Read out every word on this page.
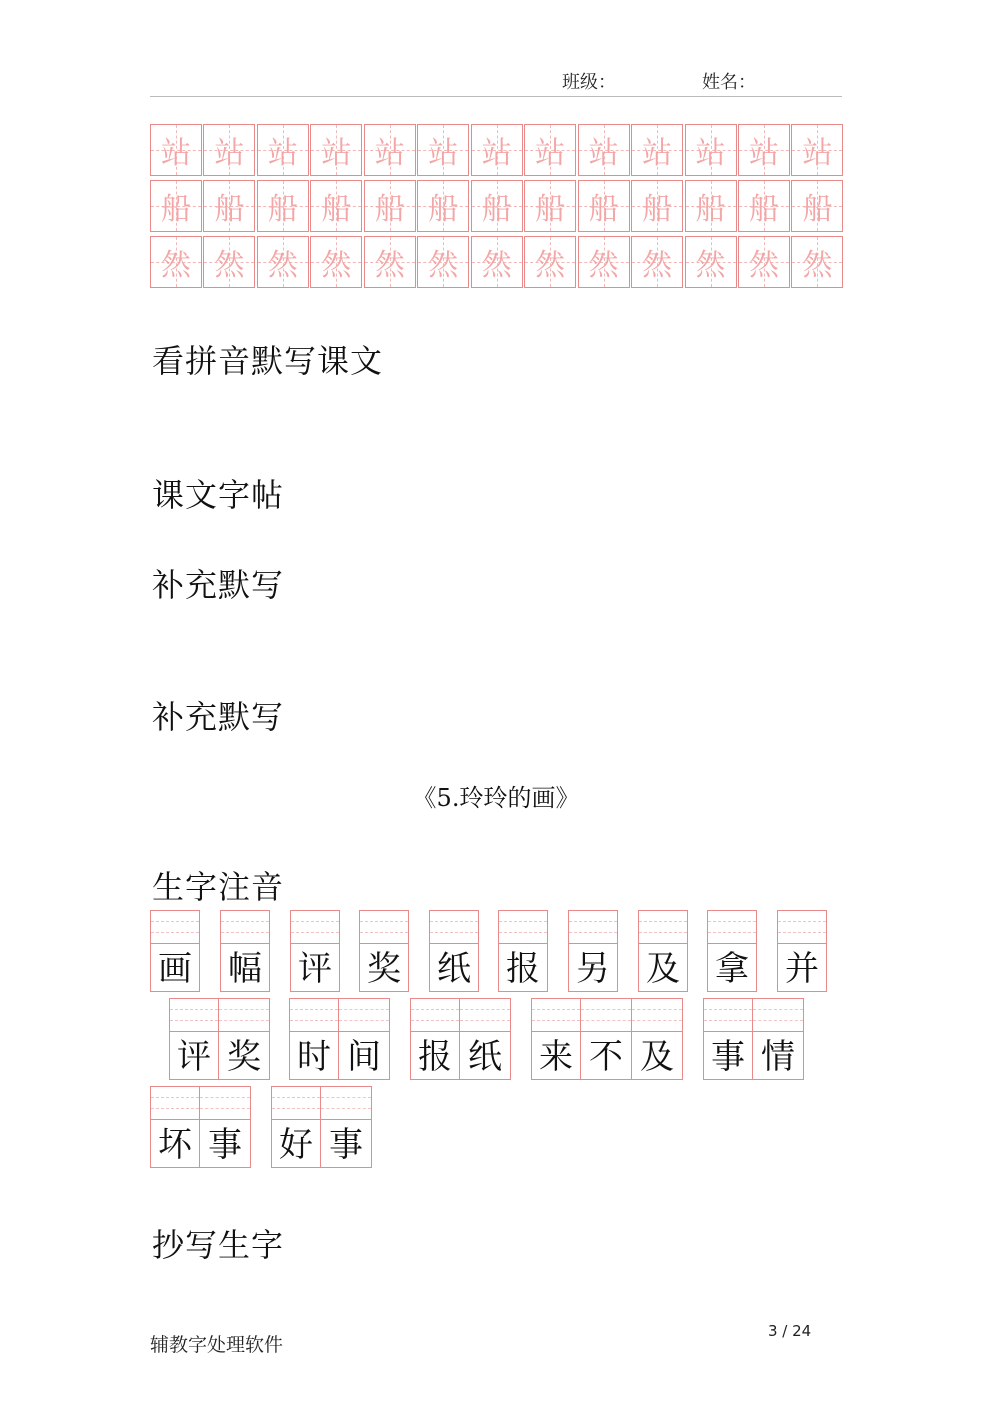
班级：	姓名：
站 站 站 站 站 站 站 站 站 站 站 站 站
船 船 船 船 船 船 船 船 船 船 船 船 船
然 然 然 然 然 然 然 然 然 然 然 然 然
看拼音默写课文
课文字帖
补充默写
补充默写
《5.玲玲的画》
生字注音
画 幅 评 奖 纸 报 另 及 拿 并
评 奖 时 间 报 纸 来 不 及 事 情
坏 事 好 事
抄写生字
辅教字处理软件
3 / 24
